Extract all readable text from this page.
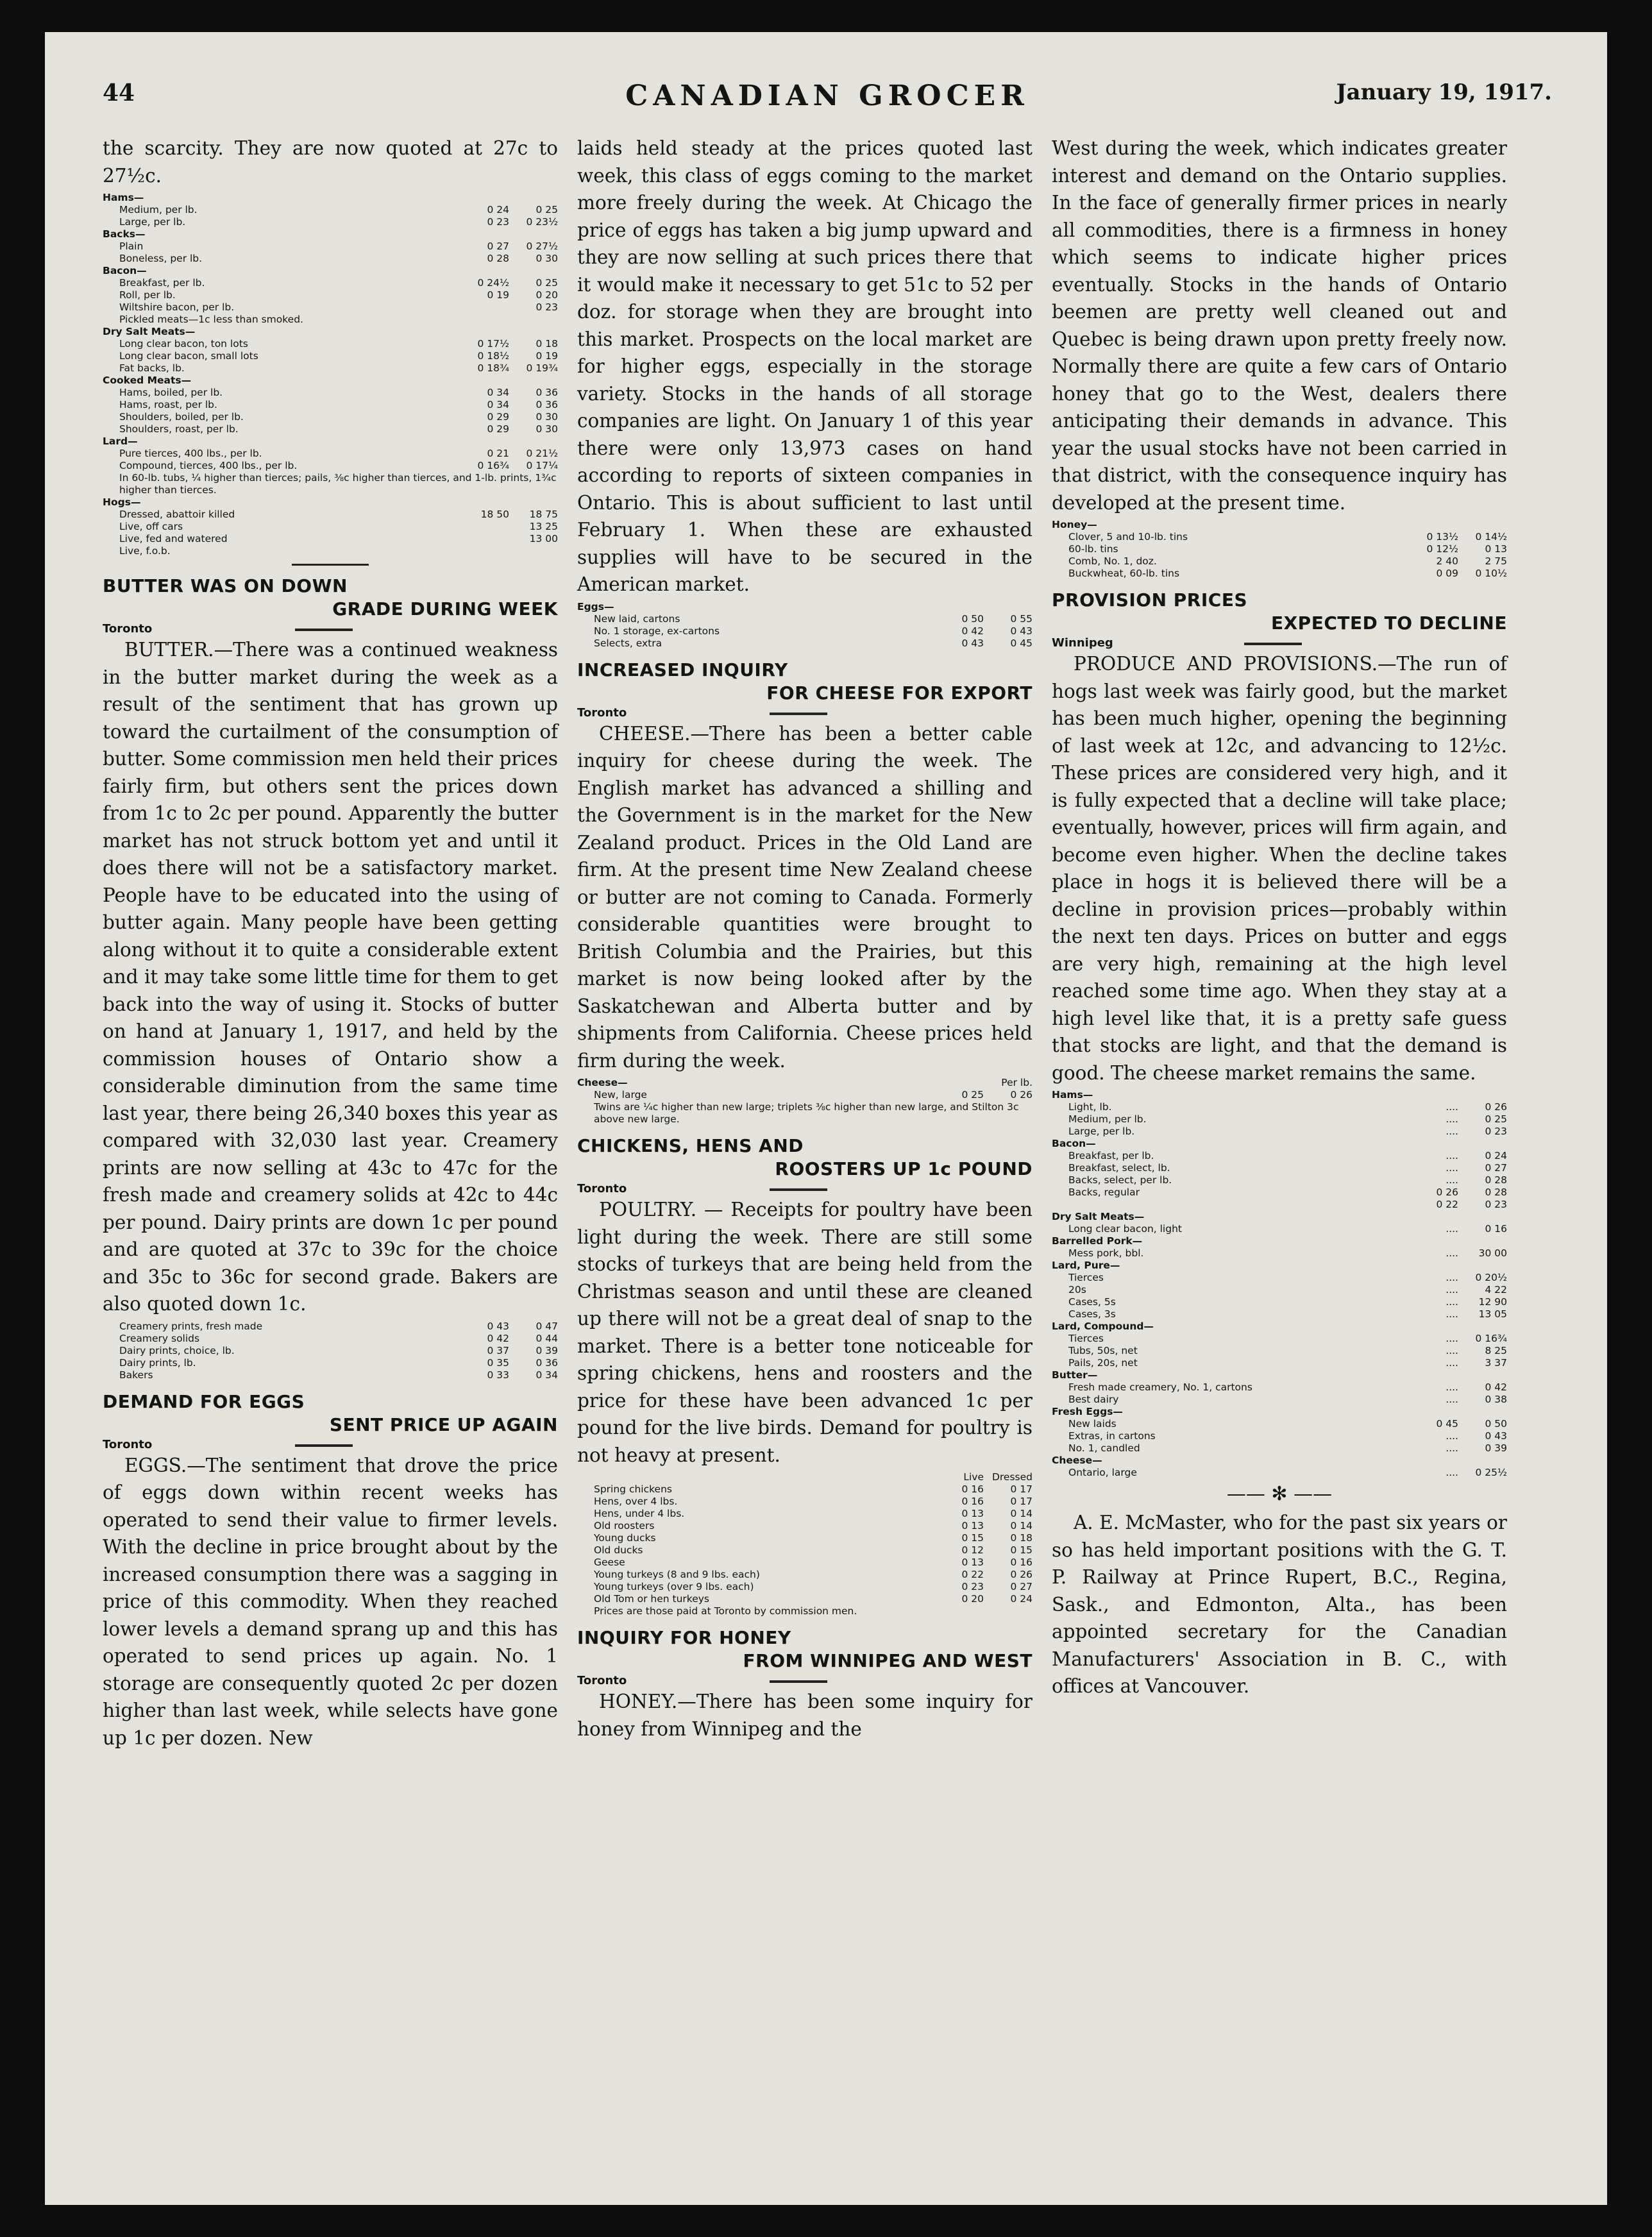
44	CANADIAN GROCER	January 19, 1917.

the scarcity. They are now quoted at 27c to 27½c.

Hams—		
Medium, per lb.	0 24	0 25
Large, per lb.	0 23	0 23½
Backs—		
Plain	0 27	0 27½
Boneless, per lb.	0 28	0 30
Bacon—		
Breakfast, per lb.	0 24½	0 25
Roll, per lb.	0 19	0 20
Wiltshire bacon, per lb.		0 23
Pickled meats—1c less than smoked.		
Dry Salt Meats—		
Long clear bacon, ton lots	0 17½	0 18
Long clear bacon, small lots	0 18½	0 19
Fat backs, lb.	0 18¾	0 19¾
Cooked Meats—		
Hams, boiled, per lb.	0 34	0 36
Hams, roast, per lb.	0 34	0 36
Shoulders, boiled, per lb.	0 29	0 30
Shoulders, roast, per lb.	0 29	0 30
Lard—		
Pure tierces, 400 lbs., per lb.	0 21	0 21½
Compound, tierces, 400 lbs., per lb.	0 16¾	0 17¼
In 60-lb. tubs, ¼ higher than tierces; pails, ⅜c higher than tierces, and 1-lb. prints, 1¾c higher than tierces.		
Hogs—		
Dressed, abattoir killed	18 50	18 75
Live, off cars		13 25
Live, fed and watered		13 00
Live, f.o.b.		
BUTTER WAS ON DOWN
GRADE DURING WEEK
Toronto

BUTTER.—There was a continued weakness in the butter market during the week as a result of the sentiment that has grown up toward the curtailment of the consumption of butter. Some commission men held their prices fairly firm, but others sent the prices down from 1c to 2c per pound. Apparently the butter market has not struck bottom yet and until it does there will not be a satisfactory market. People have to be educated into the using of butter again. Many people have been getting along without it to quite a considerable extent and it may take some little time for them to get back into the way of using it. Stocks of butter on hand at January 1, 1917, and held by the commission houses of Ontario show a considerable diminution from the same time last year, there being 26,340 boxes this year as compared with 32,030 last year. Creamery prints are now selling at 43c to 47c for the fresh made and creamery solids at 42c to 44c per pound. Dairy prints are down 1c per pound and are quoted at 37c to 39c for the choice and 35c to 36c for second grade. Bakers are also quoted down 1c.

Creamery prints, fresh made	0 43	0 47
Creamery solids	0 42	0 44
Dairy prints, choice, lb.	0 37	0 39
Dairy prints, lb.	0 35	0 36
Bakers	0 33	0 34
DEMAND FOR EGGS
SENT PRICE UP AGAIN
Toronto

EGGS.—The sentiment that drove the price of eggs down within recent weeks has operated to send their value to firmer levels. With the decline in price brought about by the increased consumption there was a sagging in price of this commodity. When they reached lower levels a demand sprang up and this has operated to send prices up again. No. 1 storage are consequently quoted 2c per dozen higher than last week, while selects have gone up 1c per dozen. New

laids held steady at the prices quoted last week, this class of eggs coming to the market more freely during the week. At Chicago the price of eggs has taken a big jump upward and they are now selling at such prices there that it would make it necessary to get 51c to 52 per doz. for storage when they are brought into this market. Prospects on the local market are for higher eggs, especially in the storage variety. Stocks in the hands of all storage companies are light. On January 1 of this year there were only 13,973 cases on hand according to reports of sixteen companies in Ontario. This is about sufficient to last until February 1. When these are exhausted supplies will have to be secured in the American market.

Eggs—		
New laid, cartons	0 50	0 55
No. 1 storage, ex-cartons	0 42	0 43
Selects, extra	0 43	0 45
INCREASED INQUIRY
FOR CHEESE FOR EXPORT
Toronto

CHEESE.—There has been a better cable inquiry for cheese during the week. The English market has advanced a shilling and the Government is in the market for the New Zealand product. Prices in the Old Land are firm. At the present time New Zealand cheese or butter are not coming to Canada. Formerly considerable quantities were brought to British Columbia and the Prairies, but this market is now being looked after by the Saskatchewan and Alberta butter and by shipments from California. Cheese prices held firm during the week.

Cheese—		Per lb.
New, large	0 25	0 26
Twins are ¼c higher than new large; triplets ⅜c higher than new large, and Stilton 3c above new large.		
CHICKENS, HENS AND
ROOSTERS UP 1c POUND
Toronto

POULTRY. — Receipts for poultry have been light during the week. There are still some stocks of turkeys that are being held from the Christmas season and until these are cleaned up there will not be a great deal of snap to the market. There is a better tone noticeable for spring chickens, hens and roosters and the price for these have been advanced 1c per pound for the live birds. Demand for poultry is not heavy at present.

	Live	Dressed
Spring chickens	0 16	0 17
Hens, over 4 lbs.	0 16	0 17
Hens, under 4 lbs.	0 13	0 14
Old roosters	0 13	0 14
Young ducks	0 15	0 18
Old ducks	0 12	0 15
Geese	0 13	0 16
Young turkeys (8 and 9 lbs. each)	0 22	0 26
Young turkeys (over 9 lbs. each)	0 23	0 27
Old Tom or hen turkeys	0 20	0 24
Prices are those paid at Toronto by commission men.		
INQUIRY FOR HONEY
FROM WINNIPEG AND WEST
Toronto

HONEY.—There has been some inquiry for honey from Winnipeg and the

West during the week, which indicates greater interest and demand on the Ontario supplies. In the face of generally firmer prices in nearly all commodities, there is a firmness in honey which seems to indicate higher prices eventually. Stocks in the hands of Ontario beemen are pretty well cleaned out and Quebec is being drawn upon pretty freely now. Normally there are quite a few cars of Ontario honey that go to the West, dealers there anticipating their demands in advance. This year the usual stocks have not been carried in that district, with the consequence inquiry has developed at the present time.

Honey—		
Clover, 5 and 10-lb. tins	0 13½	0 14½
60-lb. tins	0 12½	0 13
Comb, No. 1, doz.	2 40	2 75
Buckwheat, 60-lb. tins	0 09	0 10½
PROVISION PRICES
EXPECTED TO DECLINE
Winnipeg

PRODUCE AND PROVISIONS.—The run of hogs last week was fairly good, but the market has been much higher, opening the beginning of last week at 12c, and advancing to 12½c. These prices are considered very high, and it is fully expected that a decline will take place; eventually, however, prices will firm again, and become even higher. When the decline takes place in hogs it is believed there will be a decline in provision prices—probably within the next ten days. Prices on butter and eggs are very high, remaining at the high level reached some time ago. When they stay at a high level like that, it is a pretty safe guess that stocks are light, and that the demand is good. The cheese market remains the same.

Hams—		
Light, lb.	....	0 26
Medium, per lb.	....	0 25
Large, per lb.	....	0 23
Bacon—		
Breakfast, per lb.	....	0 24
Breakfast, select, lb.	....	0 27
Backs, select, per lb.	....	0 28
Backs, regular	0 26	0 28
	0 22	0 23
Dry Salt Meats—		
Long clear bacon, light	....	0 16
Barrelled Pork—		
Mess pork, bbl.	....	30 00
Lard, Pure—		
Tierces	....	0 20½
20s	....	4 22
Cases, 5s	....	12 90
Cases, 3s	....	13 05
Lard, Compound—		
Tierces	....	0 16¾
Tubs, 50s, net	....	8 25
Pails, 20s, net	....	3 37
Butter—		
Fresh made creamery, No. 1, cartons	....	0 42
Best dairy	....	0 38
Fresh Eggs—		
New laids	0 45	0 50
Extras, in cartons	....	0 43
No. 1, candled	....	0 39
Cheese—		
Ontario, large	....	0 25½
—— ✻ ——

A. E. McMaster, who for the past six years or so has held important positions with the G. T. P. Railway at Prince Rupert, B.C., Regina, Sask., and Edmonton, Alta., has been appointed secretary for the Canadian Manufacturers' Association in B. C., with offices at Vancouver.
